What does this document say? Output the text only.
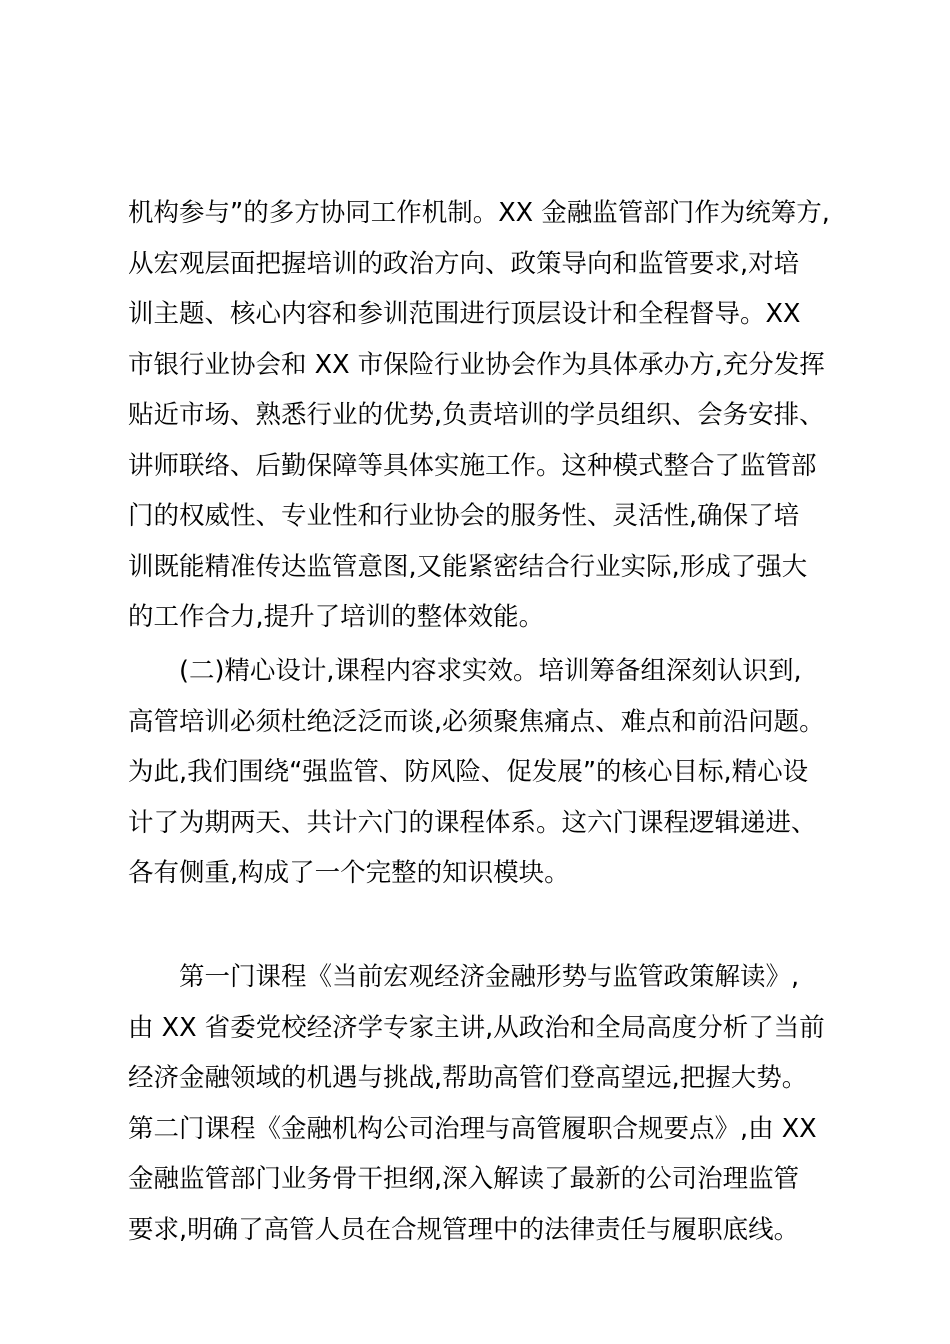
机构参与”的多方协同工作机制。XX 金融监管部门作为统筹方,
从宏观层面把握培训的政治方向、政策导向和监管要求,对培
训主题、核心内容和参训范围进行顶层设计和全程督导。XX
市银行业协会和 XX 市保险行业协会作为具体承办方,充分发挥
贴近市场、熟悉行业的优势,负责培训的学员组织、会务安排、
讲师联络、后勤保障等具体实施工作。这种模式整合了监管部
门的权威性、专业性和行业协会的服务性、灵活性,确保了培
训既能精准传达监管意图,又能紧密结合行业实际,形成了强大
的工作合力,提升了培训的整体效能。
(二)精心设计,课程内容求实效。培训筹备组深刻认识到,
高管培训必须杜绝泛泛而谈,必须聚焦痛点、难点和前沿问题。
为此,我们围绕“强监管、防风险、促发展”的核心目标,精心设
计了为期两天、共计六门的课程体系。这六门课程逻辑递进、
各有侧重,构成了一个完整的知识模块。
第一门课程《当前宏观经济金融形势与监管政策解读》,
由 XX 省委党校经济学专家主讲,从政治和全局高度分析了当前
经济金融领域的机遇与挑战,帮助高管们登高望远,把握大势。
第二门课程《金融机构公司治理与高管履职合规要点》,由 XX
金融监管部门业务骨干担纲,深入解读了最新的公司治理监管
要求,明确了高管人员在合规管理中的法律责任与履职底线。
